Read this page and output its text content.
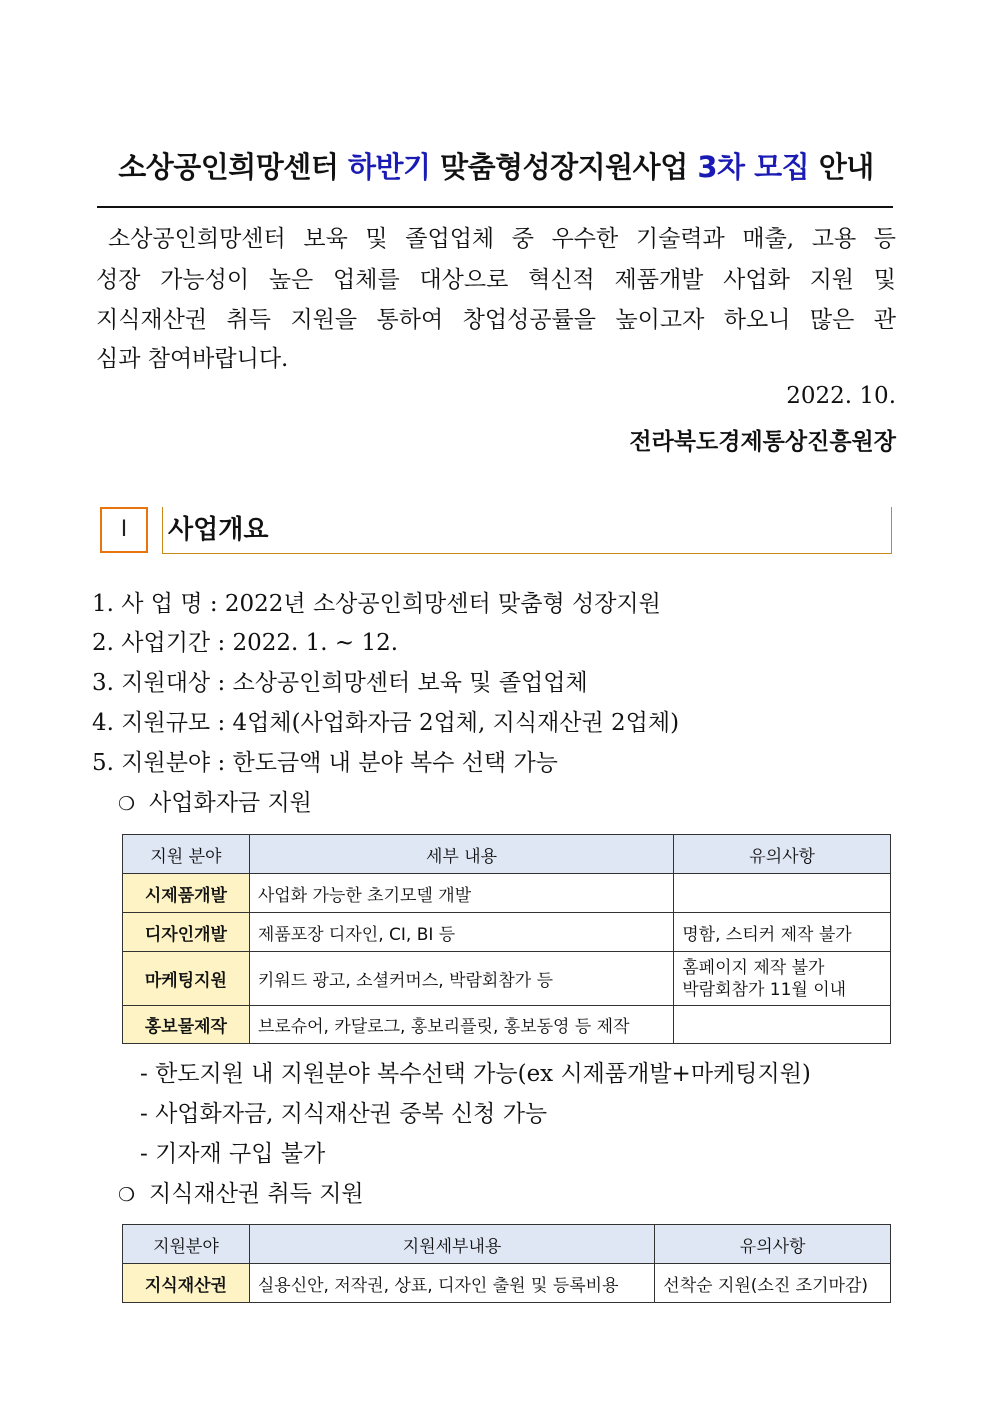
소상공인희망센터 하반기 맞춤형성장지원사업 3차 모집 안내
소상공인희망센터 보육 및 졸업업체 중 우수한 기술력과 매출, 고용 등
성장 가능성이 높은 업체를 대상으로 혁신적 제품개발 사업화 지원 및
지식재산권 취득 지원을 통하여 창업성공률을 높이고자 하오니 많은 관
심과 참여바랍니다.
2022. 10.
전라북도경제통상진흥원장
Ⅰ	사업개요
1. 사 업 명 : 2022년 소상공인희망센터 맞춤형 성장지원
2. 사업기간 : 2022. 1. ~ 12.
3. 지원대상 : 소상공인희망센터 보육 및 졸업업체
4. 지원규모 : 4업체(사업화자금 2업체, 지식재산권 2업체)
5. 지원분야 : 한도금액 내 분야 복수 선택 가능
❍ 사업화자금 지원
지원 분야	세부 내용	유의사항
시제품개발	사업화 가능한 초기모델 개발	
디자인개발	제품포장 디자인, CI, BI 등	명함, 스티커 제작 불가
마케팅지원	키워드 광고, 소셜커머스, 박람회참가 등	홈페이지 제작 불가
박람회참가 11월 이내

홍보물제작	브로슈어, 카달로그, 홍보리플릿, 홍보동영 등 제작	
- 한도지원 내 지원분야 복수선택 가능(ex 시제품개발+마케팅지원)
- 사업화자금, 지식재산권 중복 신청 가능
- 기자재 구입 불가
❍ 지식재산권 취득 지원
지원분야	지원세부내용	유의사항
지식재산권	실용신안, 저작권, 상표, 디자인 출원 및 등록비용	선착순 지원(소진 조기마감)
